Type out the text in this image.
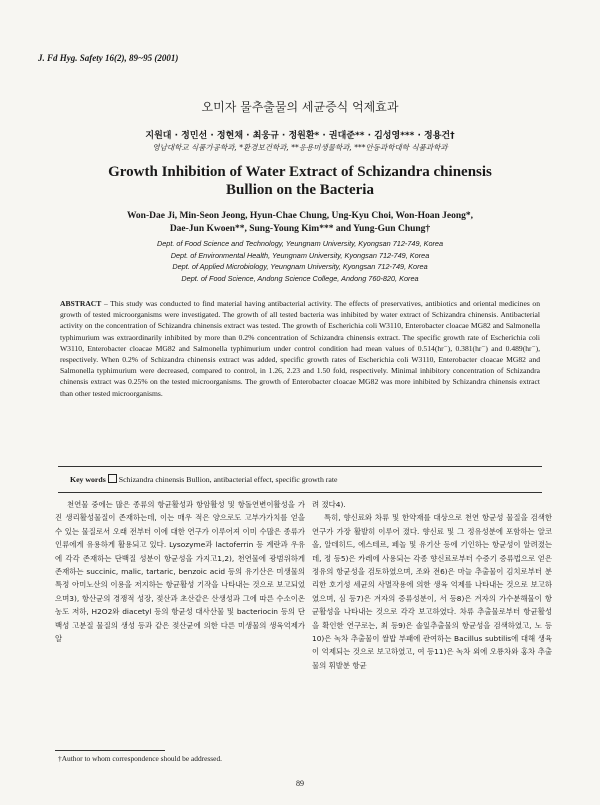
J. Fd Hyg. Safety 16(2), 89~95 (2001)
오미자 물추출물의 세균증식 억제효과
지원대 · 정민선 · 정현채 · 최웅규 · 정원환* · 권대준** · 김성영*** · 정용건†
영남대학교 식품가공학과, *환경보건학과, **응용미생물학과, ***안동과학대학 식품과학과
Growth Inhibition of Water Extract of Schizandra chinensis
Bullion on the Bacteria
Won-Dae Ji, Min-Seon Jeong, Hyun-Chae Chung, Ung-Kyu Choi, Won-Hoan Jeong*,
Dae-Jun Kwoen**, Sung-Young Kim*** and Yung-Gun Chung†
Dept. of Food Science and Technology, Yeungnam University, Kyongsan 712-749, Korea
Dept. of Environmental Health, Yeungnam University, Kyongsan 712-749, Korea
Dept. of Applied Microbiology, Yeungnam University, Kyongsan 712-749, Korea
Dept. of Food Science, Andong Science College, Andong 760-820, Korea
ABSTRACT – This study was conducted to find material having antibacterial activity. The effects of preservatives, antibiotics and oriental medicines on growth of tested microorganisms were investigated. The growth of all tested bacteria was inhibited by water extract of Schizandra chinensis. Antibacterial activity on the concentration of Schizandra chinensis extract was tested. The growth of Escherichia coli W3110, Enterobacter cloacae MG82 and Salmonella typhimurium was extraordinarily inhibited by more than 0.2% concentration of Schizandra chinensis extract. The specific growth rate of Escherichia coli W3110, Enterobacter cloacae MG82 and Salmonella typhimurium under control condition had mean values of 0.514(hr⁻), 0.381(hr⁻) and 0.489(hr⁻), respectively. When 0.2% of Schizandra chinensis extract was added, specific growth rates of Escherichia coli W3110, Enterobacter cloacae MG82 and Salmonella typhimurium were decreased, compared to control, in 1.26, 2.23 and 1.50 fold, respectively. Minimal inhibitory concentration of Schizandra chinensis extract was 0.25% on the tested microorganisms. The growth of Enterobacter cloacae MG82 was more inhibited by Schizandra chinensis extract than other tested microorganisms.
Key words Schizandra chinensis Bullion, antibacterial effect, specific growth rate

천연물 중에는 많은 종류의 항균활성과 항암활성 및 항돌연변이활성을 가진 생리활성물질이 존재하는데, 이는 매우 적은 양으로도 고부가가치를 얻을 수 있는 물질로서 오래 전부터 이에 대한 연구가 이루어져 이미 수많은 종류가 인류에게 유용하게 활용되고 있다. Lysozyme과 lactoferrin 등 계란과 우유에 각각 존재하는 단백질 성분이 항균성을 가지고1,2), 천연물에 광범위하게 존재하는 succinic, malic, tartaric, benzoic acid 등의 유기산은 미생물의 특정 아미노산의 이용을 저지하는 항균활성 기작을 나타내는 것으로 보고되었으며3), 항산균의 경쟁적 성장, 젖산과 초산같은 산생성과 그에 따른 수소이온농도 저하, H2O2와 diacetyl 등의 항균성 대사산물 및 bacteriocin 등의 단백성 고분질 물질의 생성 등과 같은 젖산균에 의한 다른 미생물의 생육억제가 알

려 졌다4).

특히, 향신료와 차류 및 한약재를 대상으로 천연 항균성 물질을 검색한 연구가 가장 활발히 이루어 졌다. 향신료 및 그 정유성분에 포함하는 알코올, 알데히드, 에스테르, 페놀 및 유기산 등에 기인하는 항균성이 알려졌는데, 정 등5)은 카레에 사용되는 각종 향신료로부터 수증기 증류법으로 얻은 정유의 항균성을 검토하였으며, 조와 전6)은 마늘 추출물이 김치로부터 분리한 호기성 세균의 사멸작용에 의한 생육 억제를 나타내는 것으로 보고하였으며, 심 등7)은 겨자의 증류성분이, 서 등8)은 겨자의 가수분해물이 항균활성을 나타내는 것으로 각각 보고하였다. 차류 추출물로부터 항균활성을 확인한 연구로는, 최 등9)은 솔잎추출물의 항균성을 검색하였고, 노 등10)은 녹차 추출물이 쌀밥 부패에 관여하는 Bacillus subtilis에 대해 생육이 억제되는 것으로 보고하였고, 여 등11)은 녹차 외에 오룡차와 홍차 추출물의 휘발분 항균

†Author to whom correspondence should be addressed.
89
